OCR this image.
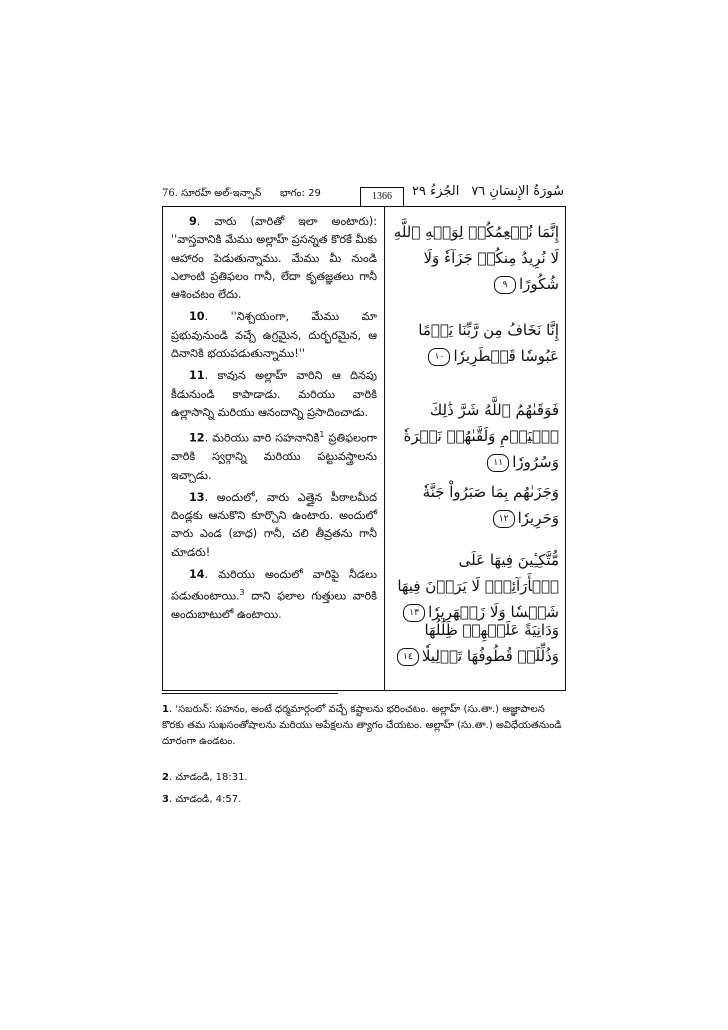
76. సూరహ్ అల్-ఇన్సాన్ భాగం: 29	1366	الجُزءُ ٢٩ سُورَةُ الإِنسَانِ ٧٦

9. వారు (వారితో ఇలా అంటారు): ''వాస్తవానికి మేము అల్లాహ్ ప్రసన్నత కొరకే మీకు ఆహారం పెడుతున్నాము. మేము మీ నుండి ఎలాంటి ప్రతిఫలం గానీ, లేదా కృతజ్ఞతలు గానీ ఆశించటం లేదు.

10. ''నిశ్చయంగా, మేము మా ప్రభువునుండి వచ్చే ఉగ్రమైన, దుర్భరమైన, ఆ దినానికి భయపడుతున్నాము!''

11. కావున అల్లాహ్ వారిని ఆ దినపు కీడునుండి కాపాడాడు. మరియు వారికి ఉల్లాసాన్ని మరియు ఆనందాన్ని ప్రసాదించాడు.

12. మరియు వారి సహనానికి$^1$ ప్రతిఫలంగా వారికి స్వర్గాన్ని మరియు పట్టువస్త్రాలను ఇచ్చాడు.

13. అందులో, వారు ఎత్తైన పీఠాలమీద దిండ్లకు ఆనుకొని కూర్చొని ఉంటారు. అందులో వారు ఎండ (బాధ) గానీ, చలి తీవ్రతను గానీ చూడరు!

14. మరియు అందులో వారిపై నీడలు పడుతుంటాయి.$^3$ దాని ఫలాల గుత్తులు వారికి అందుబాటులో ఉంటాయి.

إِنَّمَا نُطۡعِمُكُمۡ لِوَجۡهِ ٱللَّهِ لَا نُرِيدُ مِنكُمۡ جَزَآءٗ وَلَا شُكُورًا٩
إِنَّا نَخَافُ مِن رَّبِّنَا يَوۡمًا عَبُوسٗا قَمۡطَرِيرٗا١٠
فَوَقَىٰهُمُ ٱللَّهُ شَرَّ ذَٰلِكَ ٱلۡيَوۡمِ وَلَقَّىٰهُمۡ نَضۡرَةٗ وَسُرُورٗا١١
وَجَزَىٰهُم بِمَا صَبَرُواْ جَنَّةٗ وَحَرِيرٗا١٢
مُّتَّكِـِٔينَ فِيهَا عَلَى ٱلۡأَرَآئِكِۖ لَا يَرَوۡنَ فِيهَا شَمۡسٗا وَلَا زَمۡهَرِيرٗا١٣
وَدَانِيَةً عَلَيۡهِمۡ ظِلَٰلُهَا وَذُلِّلَتۡ قُطُوفُهَا تَذۡلِيلٗا١٤
1. 'సబరున్: సహనం, అంటే ధర్మమార్గంలో వచ్చే కష్టాలను భరించటం. అల్లాహ్ (సు.తా.) ఆజ్ఞాపాలన కొరకు తమ సుఖసంతోషాలను మరియు అపేక్షలను త్యాగం చేయటం. అల్లాహ్ (సు.తా.) అవిధేయతనుండి దూరంగా ఉండటం.
2. చూడండి, 18:31.
3. చూడండి, 4:57.
